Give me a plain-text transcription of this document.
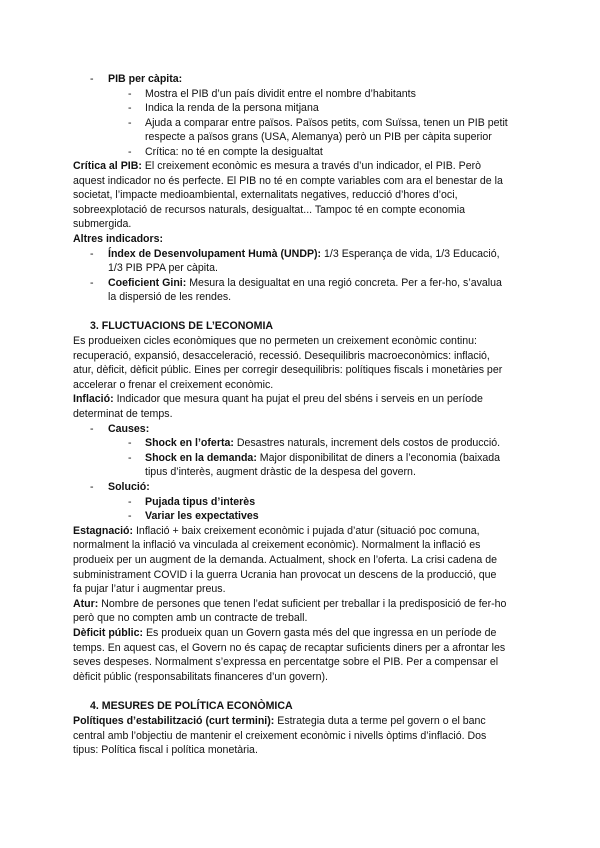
- PIB per càpita:
- Mostra el PIB d’un país dividit entre el nombre d’habitants
- Indica la renda de la persona mitjana
- Ajuda a comparar entre països. Països petits, com Suïssa, tenen un PIB petit
respecte a països grans (USA, Alemanya) però un PIB per càpita superior
- Crítica: no té en compte la desigualtat
Crítica al PIB: El creixement econòmic es mesura a través d’un indicador, el PIB. Però
aquest indicador no és perfecte. El PIB no té en compte variables com ara el benestar de la
societat, l’impacte medioambiental, externalitats negatives, reducció d’hores d’oci,
sobreexplotació de recursos naturals, desigualtat... Tampoc té en compte economia
submergida.
Altres indicadors:
- Índex de Desenvolupament Humà (UNDP): 1/3 Esperança de vida, 1/3 Educació,
1/3 PIB PPA per càpita.
- Coeficient Gini: Mesura la desigualtat en una regió concreta. Per a fer-ho, s’avalua
la dispersió de les rendes.
3. FLUCTUACIONS DE L’ECONOMIA
Es produeixen cicles econòmiques que no permeten un creixement econòmic continu:
recuperació, expansió, desacceleració, recessió. Desequilibris macroeconòmics: inflació,
atur, dèficit, dèficit públic. Eines per corregir desequilibris: polítiques fiscals i monetàries per
accelerar o frenar el creixement econòmic.
Inflació: Indicador que mesura quant ha pujat el preu del sbéns i serveis en un període
determinat de temps.
- Causes:
- Shock en l’oferta: Desastres naturals, increment dels costos de producció.
- Shock en la demanda: Major disponibilitat de diners a l’economia (baixada
tipus d’interès, augment dràstic de la despesa del govern.
- Solució:
- Pujada tipus d’interès
- Variar les expectatives
Estagnació: Inflació + baix creixement econòmic i pujada d’atur (situació poc comuna,
normalment la inflació va vinculada al creixement econòmic). Normalment la inflació es
produeix per un augment de la demanda. Actualment, shock en l’oferta. La crisi cadena de
subministrament COVID i la guerra Ucrania han provocat un descens de la producció, que
fa pujar l’atur i augmentar preus.
Atur: Nombre de persones que tenen l’edat suficient per treballar i la predisposició de fer-ho
però que no compten amb un contracte de treball.
Dèficit públic: Es produeix quan un Govern gasta més del que ingressa en un període de
temps. En aquest cas, el Govern no és capaç de recaptar suficients diners per a afrontar les
seves despeses. Normalment s’expressa en percentatge sobre el PIB. Per a compensar el
dèficit públic (responsabilitats financeres d’un govern).
4. MESURES DE POLÍTICA ECONÒMICA
Polítiques d’estabilització (curt termini): Estrategia duta a terme pel govern o el banc
central amb l’objectiu de mantenir el creixement econòmic i nivells òptims d’inflació. Dos
tipus: Política fiscal i política monetària.
